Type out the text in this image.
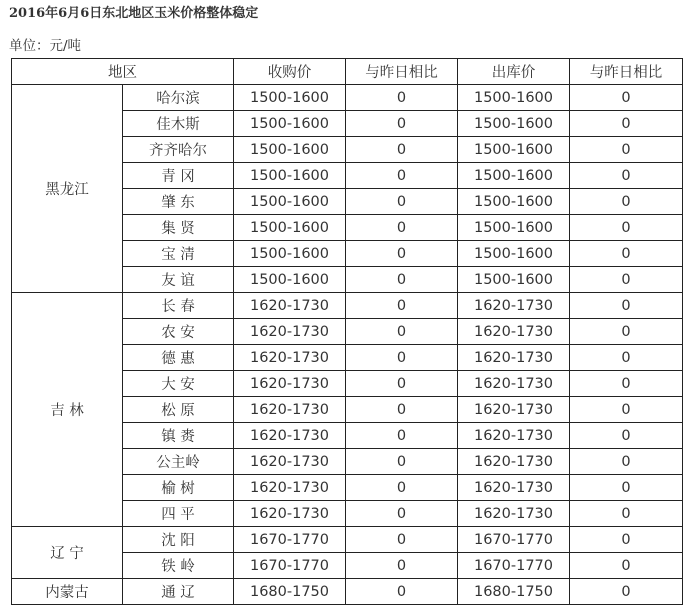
2016年6月6日东北地区玉米价格整体稳定
单位：元/吨
地区		收购价	与昨日相比	出库价	与昨日相比
黑龙江	哈尔滨	1500-1600	0	1500-1600	0
	佳木斯	1500-1600	0	1500-1600	0
	齐齐哈尔	1500-1600	0	1500-1600	0
	青 冈	1500-1600	0	1500-1600	0
	肇 东	1500-1600	0	1500-1600	0
	集 贤	1500-1600	0	1500-1600	0
	宝 清	1500-1600	0	1500-1600	0
	友 谊	1500-1600	0	1500-1600	0
吉 林	长 春	1620-1730	0	1620-1730	0
	农 安	1620-1730	0	1620-1730	0
	德 惠	1620-1730	0	1620-1730	0
	大 安	1620-1730	0	1620-1730	0
	松 原	1620-1730	0	1620-1730	0
	镇 赉	1620-1730	0	1620-1730	0
	公主岭	1620-1730	0	1620-1730	0
	榆 树	1620-1730	0	1620-1730	0
	四 平	1620-1730	0	1620-1730	0
辽 宁	沈 阳	1670-1770	0	1670-1770	0
	铁 岭	1670-1770	0	1670-1770	0
内蒙古	通 辽	1680-1750	0	1680-1750	0
